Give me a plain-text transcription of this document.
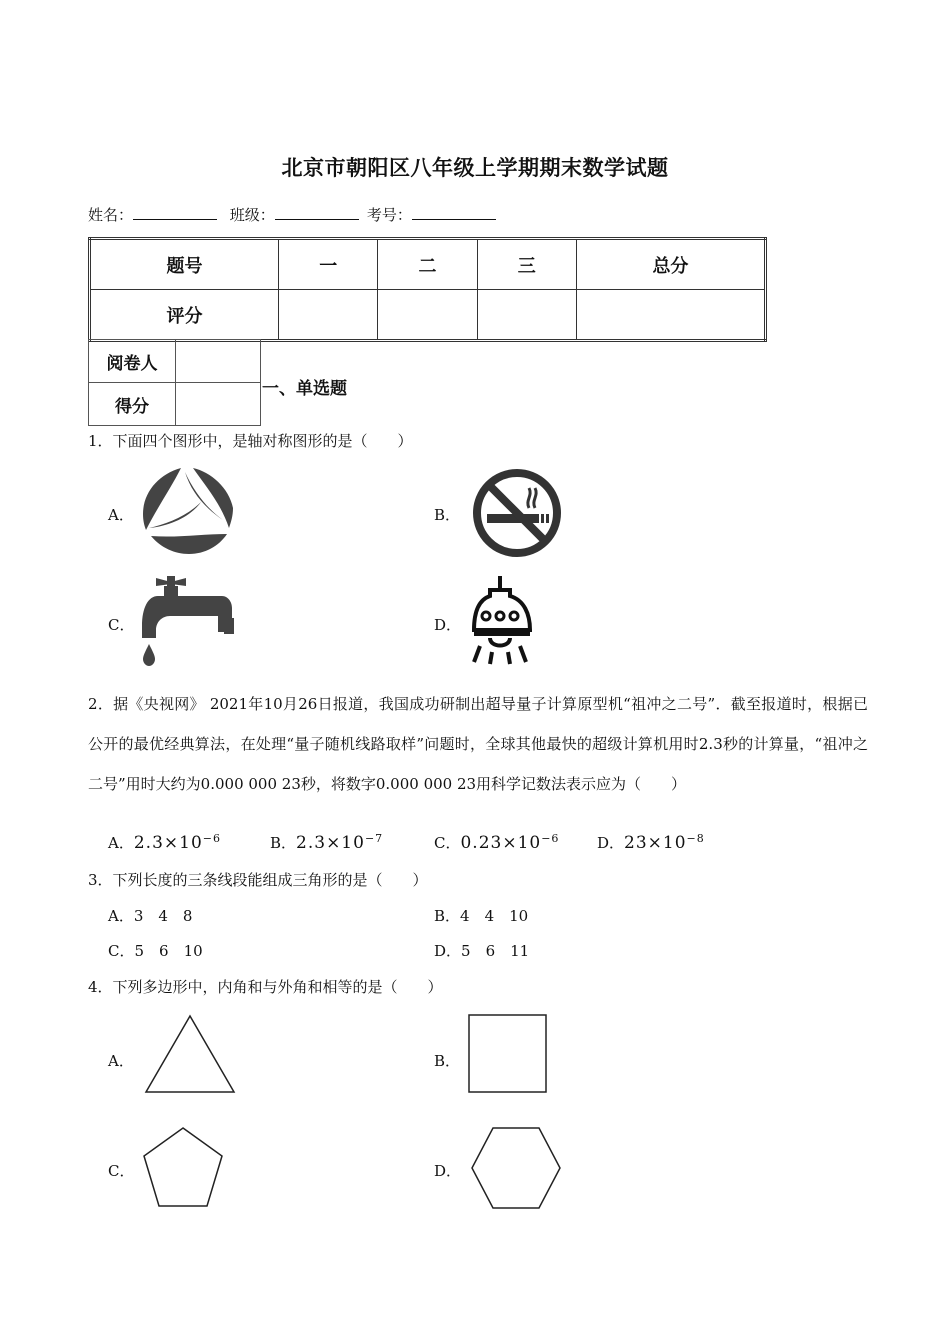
北京市朝阳区八年级上学期期末数学试题
姓名：	班级：	考号：
题号	一	二	三	总分
评分				
阅卷人	
得分	
一、单选题
1．下面四个图形中，是轴对称图形的是（　　）
A．	B．
C．	D．
2．据《央视网》 2021年10月26日报道，我国成功研制出超导量子计算原型机“祖冲之二号”．截至报道时，根据已公开的最优经典算法，在处理“量子随机线路取样”问题时，全球其他最快的超级计算机用时2.3秒的计算量，“祖冲之二号”用时大约为0.000 000 23秒，将数字0.000 000 23用科学记数法表示应为（　　）
A．$2.3\times 10^{-6}$	B．$2.3\times 10^{-7}$	C．$0.23\times 10^{-6}$	D．$23\times 10^{-8}$
3．下列长度的三条线段能组成三角形的是（　　）
A．3　4　8	B．4　4　10
C．5　6　10	D．5　6　11
4．下列多边形中，内角和与外角和相等的是（　　）
A．	B．
C．	D．
